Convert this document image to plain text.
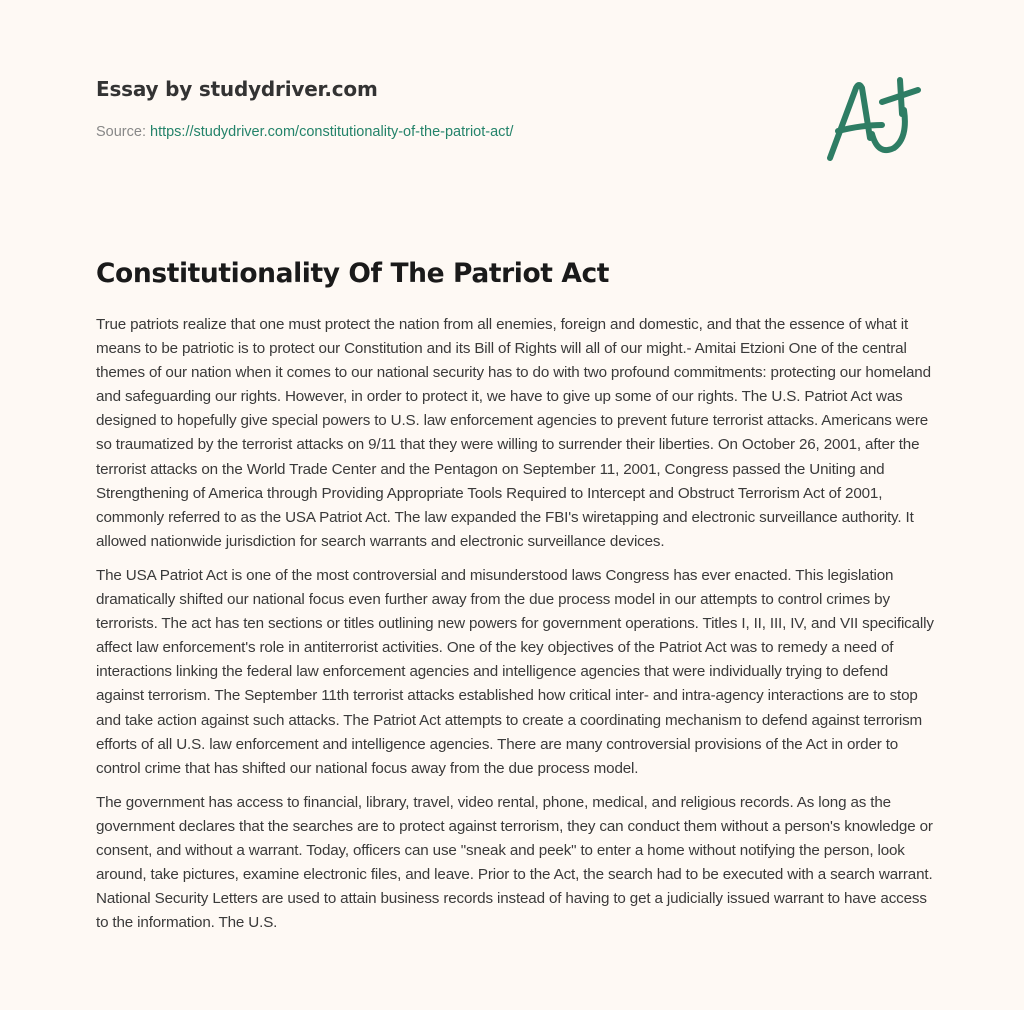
Essay by studydriver.com
Source: https://studydriver.com/constitutionality-of-the-patriot-act/
Constitutionality Of The Patriot Act

True patriots realize that one must protect the nation from all enemies, foreign and domestic, and that the essence of what it means to be patriotic is to protect our Constitution and its Bill of Rights will all of our might.- Amitai Etzioni One of the central themes of our nation when it comes to our national security has to do with two profound commitments: protecting our homeland and safeguarding our rights. However, in order to protect it, we have to give up some of our rights. The U.S. Patriot Act was designed to hopefully give special powers to U.S. law enforcement agencies to prevent future terrorist attacks. Americans were so traumatized by the terrorist attacks on 9/11 that they were willing to surrender their liberties. On October 26, 2001, after the terrorist attacks on the World Trade Center and the Pentagon on September 11, 2001, Congress passed the Uniting and Strengthening of America through Providing Appropriate Tools Required to Intercept and Obstruct Terrorism Act of 2001, commonly referred to as the USA Patriot Act. The law expanded the FBI's wiretapping and electronic surveillance authority. It allowed nationwide jurisdiction for search warrants and electronic surveillance devices.

The USA Patriot Act is one of the most controversial and misunderstood laws Congress has ever enacted. This legislation dramatically shifted our national focus even further away from the due process model in our attempts to control crimes by terrorists. The act has ten sections or titles outlining new powers for government operations. Titles I, II, III, IV, and VII specifically affect law enforcement's role in antiterrorist activities. One of the key objectives of the Patriot Act was to remedy a need of interactions linking the federal law enforcement agencies and intelligence agencies that were individually trying to defend against terrorism. The September 11th terrorist attacks established how critical inter- and intra-agency interactions are to stop and take action against such attacks. The Patriot Act attempts to create a coordinating mechanism to defend against terrorism efforts of all U.S. law enforcement and intelligence agencies. There are many controversial provisions of the Act in order to control crime that has shifted our national focus away from the due process model.

The government has access to financial, library, travel, video rental, phone, medical, and religious records. As long as the government declares that the searches are to protect against terrorism, they can conduct them without a person's knowledge or consent, and without a warrant. Today, officers can use "sneak and peek" to enter a home without notifying the person, look around, take pictures, examine electronic files, and leave. Prior to the Act, the search had to be executed with a search warrant. National Security Letters are used to attain business records instead of having to get a judicially issued warrant to have access to the information. The U.S.
